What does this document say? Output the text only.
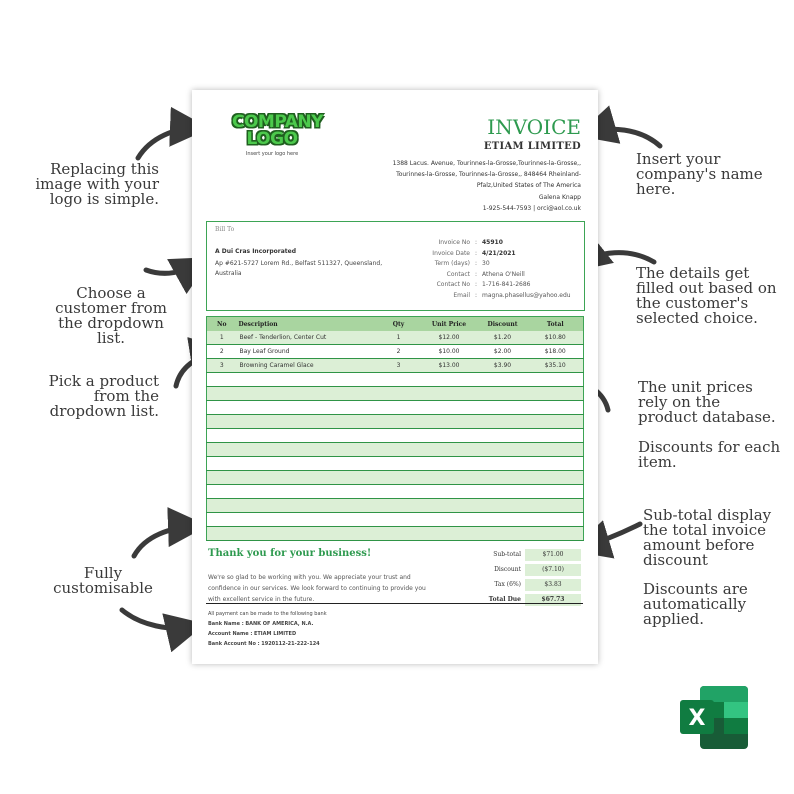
Replacing this
image with your
logo is simple.
Choose a
customer from
the dropdown
list.
Pick a product
from the
dropdown list.
Fully
customisable
Insert your
company's name
here.
The details get
filled out based on
the customer's
selected choice.
The unit prices
rely on the
product database.
Discounts for each
item.
Sub-total display
the total invoice
amount before
discount
Discounts are
automatically
applied.
COMPANY
LOGO
Insert your logo here
INVOICE
ETIAM LIMITED
1388 Lacus. Avenue, Tourinnes-la-Grosse,Tourinnes-la-Grosse,, Tourinnes-la-Grosse, Tourinnes-la-Grosse,, 848464 Rheinland-Pfalz,United States of The America
Galena Knapp
1-925-544-7593 | orci@aol.co.uk
Bill To
A Dui Cras Incorporated
Ap #621-5727 Lorem Rd., Belfast 511327, Queensland, Australia
Invoice No : 45910
Invoice Date : 4/21/2021
Term (days) : 30
Contact : Athena O'Neill
Contact No : 1-716-841-2686
Email : magna.phasellus@yahoo.edu
No	Description	Qty	Unit Price	Discount	Total
1	Beef - Tenderlion, Center Cut	1	$12.00	$1.20	$10.80
2	Bay Leaf Ground	2	$10.00	$2.00	$18.00
3	Browning Caramel Glace	3	$13.00	$3.90	$35.10

Thank you for your business!
We're so glad to be working with you. We appreciate your trust and confidence in our services. We look forward to continuing to provide you with excellent service in the future.
Sub-total	$71.00
Discount	($7.10)
Tax (6%)	$3.83
Total Due	$67.73
All payment can be made to the following bank
Bank Name : BANK OF AMERICA, N.A.
Account Name : ETIAM LIMITED
Bank Account No : 1920112-21-222-124
X
